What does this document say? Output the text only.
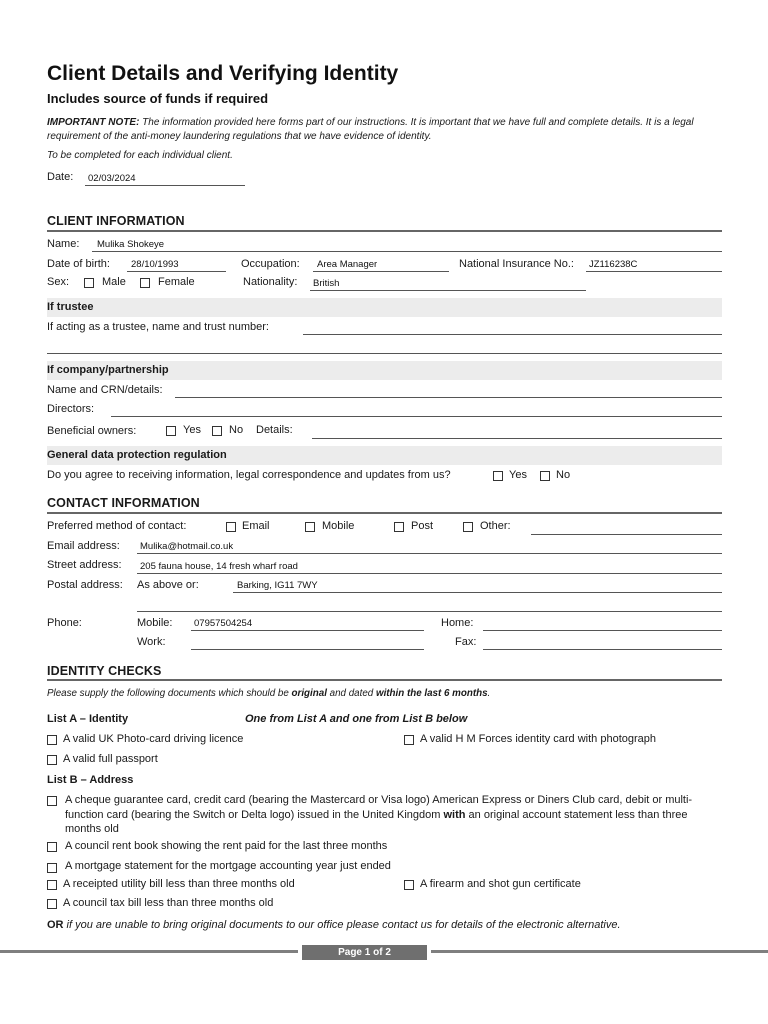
Client Details and Verifying Identity
Includes source of funds if required
IMPORTANT NOTE: The information provided here forms part of our instructions. It is important that we have full and complete details. It is a legal requirement of the anti-money laundering regulations that we have evidence of identity.
To be completed for each individual client.
Date: 02/03/2024
CLIENT INFORMATION
Name: Mulika Shokeye
Date of birth: 28/10/1993	Occupation: Area Manager	National Insurance No.: JZ116238C
Sex:	Male	Female	Nationality: British
If trustee
If acting as a trustee, name and trust number:
If company/partnership
Name and CRN/details:
Directors:
Beneficial owners:	Yes	No Details:
General data protection regulation
Do you agree to receiving information, legal correspondence and updates from us?	Yes	No
CONTACT INFORMATION
Preferred method of contact:	Email	Mobile	Post	Other:
Email address: Mulika@hotmail.co.uk
Street address: 205 fauna house, 14 fresh wharf road
Postal address: As above or:	Barking, IG11 7WY
Phone:	Mobile: 07957504254	Home:
Work:	Fax:
IDENTITY CHECKS
Please supply the following documents which should be original and dated within the last 6 months.
List A – Identity	One from List A and one from List B below
A valid UK Photo-card driving licence	A valid H M Forces identity card with photograph
A valid full passport
List B – Address
A cheque guarantee card, credit card (bearing the Mastercard or Visa logo) American Express or Diners Club card, debit or multi-function card (bearing the Switch or Delta logo) issued in the United Kingdom with an original account statement less than three months old
A council rent book showing the rent paid for the last three months
A mortgage statement for the mortgage accounting year just ended
A receipted utility bill less than three months old	A firearm and shot gun certificate
A council tax bill less than three months old
OR if you are unable to bring original documents to our office please contact us for details of the electronic alternative.
Page 1 of 2
